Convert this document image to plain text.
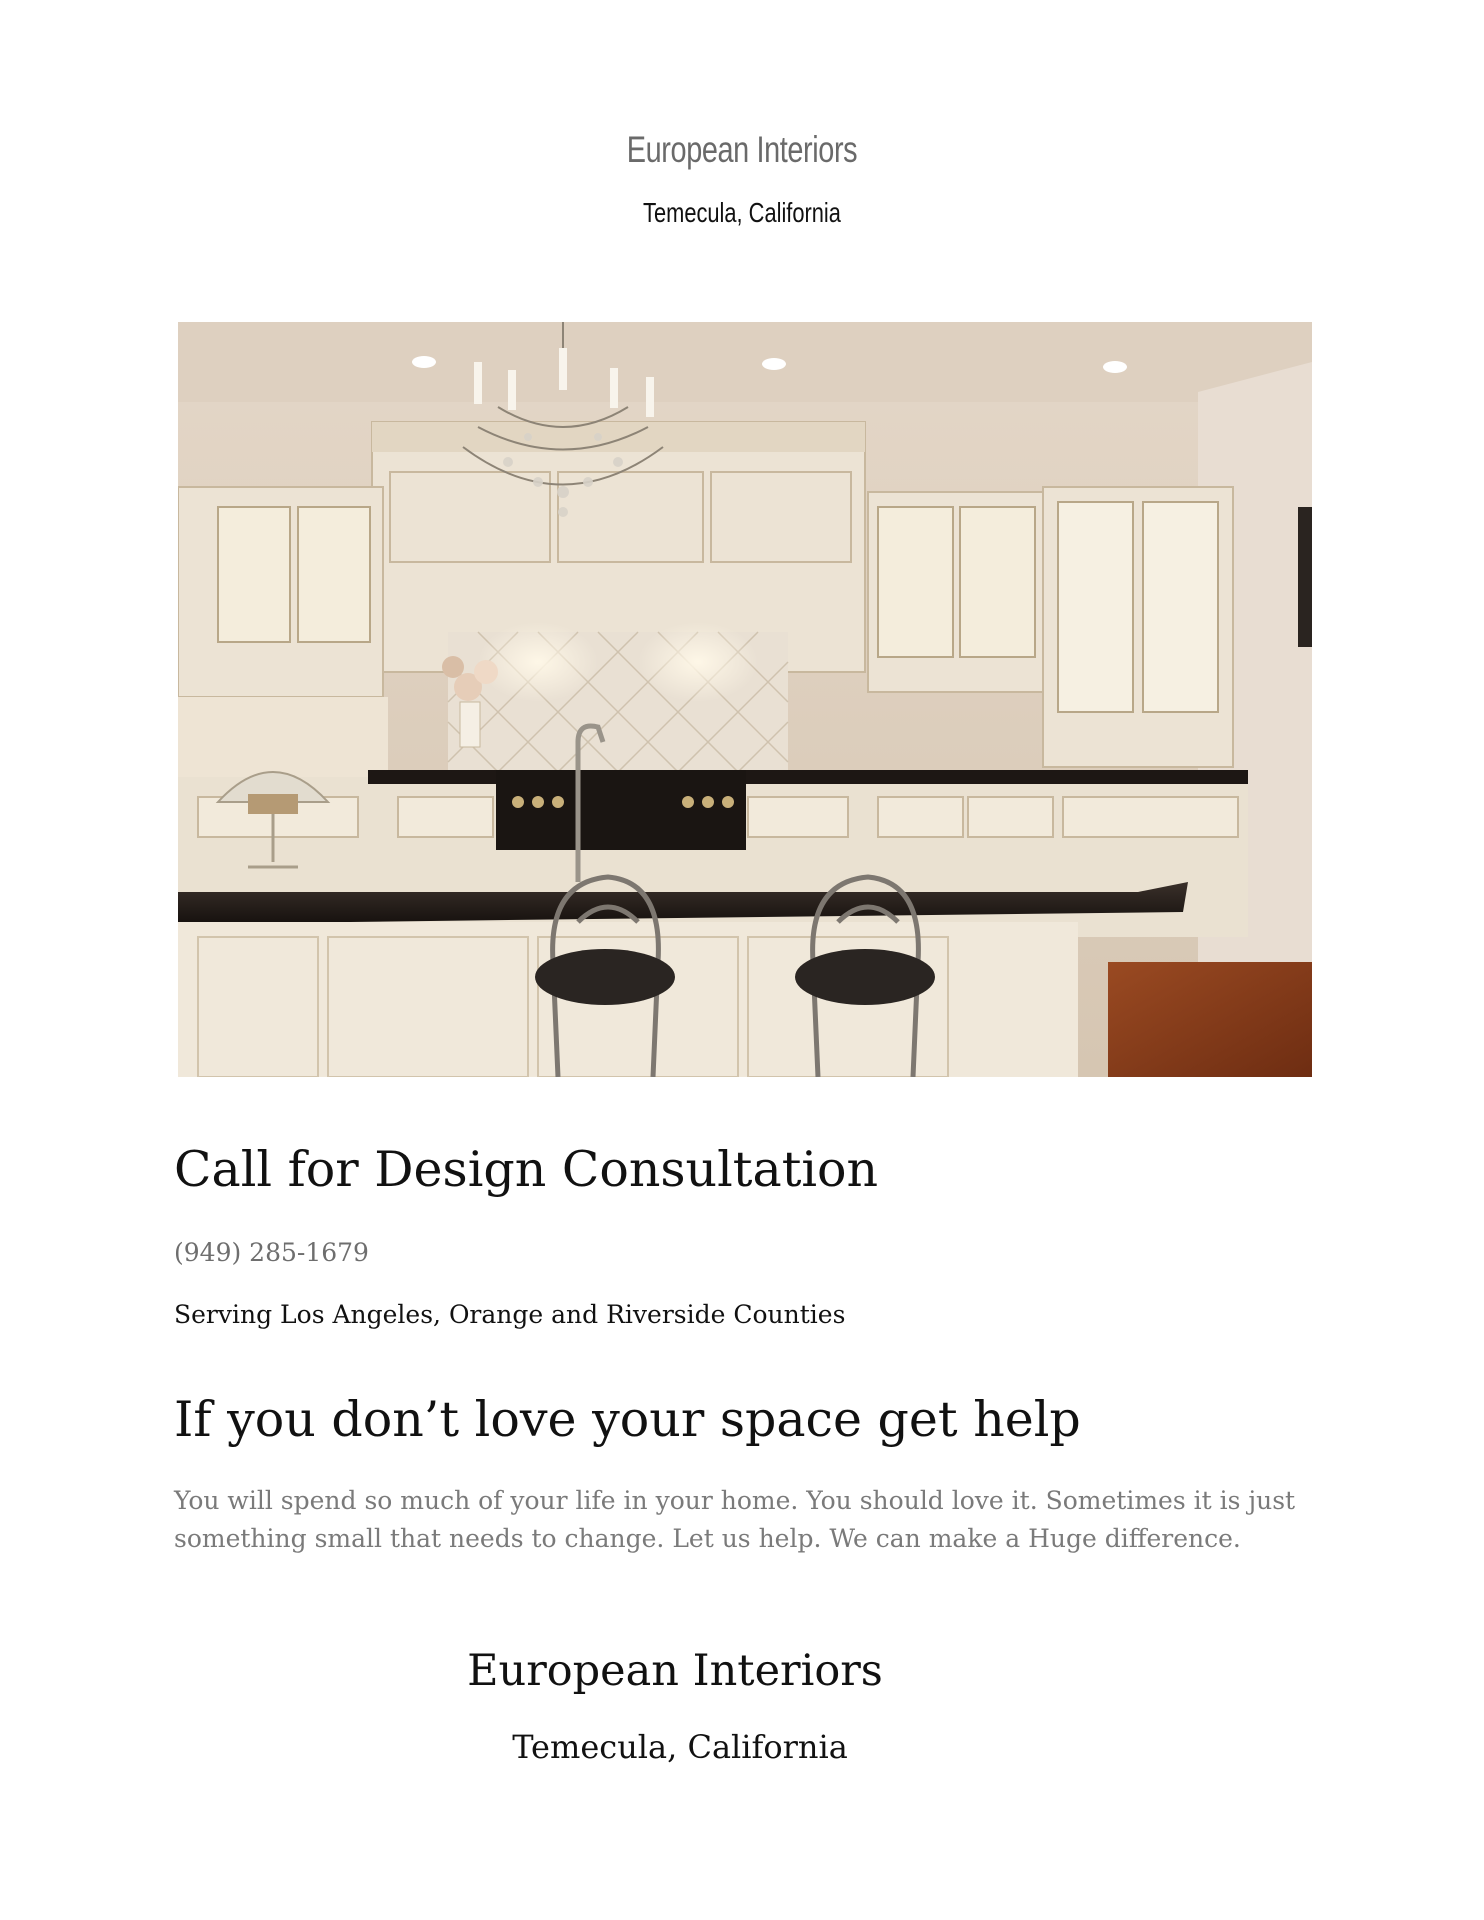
European Interiors
Temecula, California
Call for Design Consultation
(949) 285-1679
Serving Los Angeles, Orange and Riverside Counties
If you don’t love your space get help

You will spend so much of your life in your home. You should love it. Sometimes it is just something small that needs to change. Let us help. We can make a Huge difference.

European Interiors
Temecula, California
